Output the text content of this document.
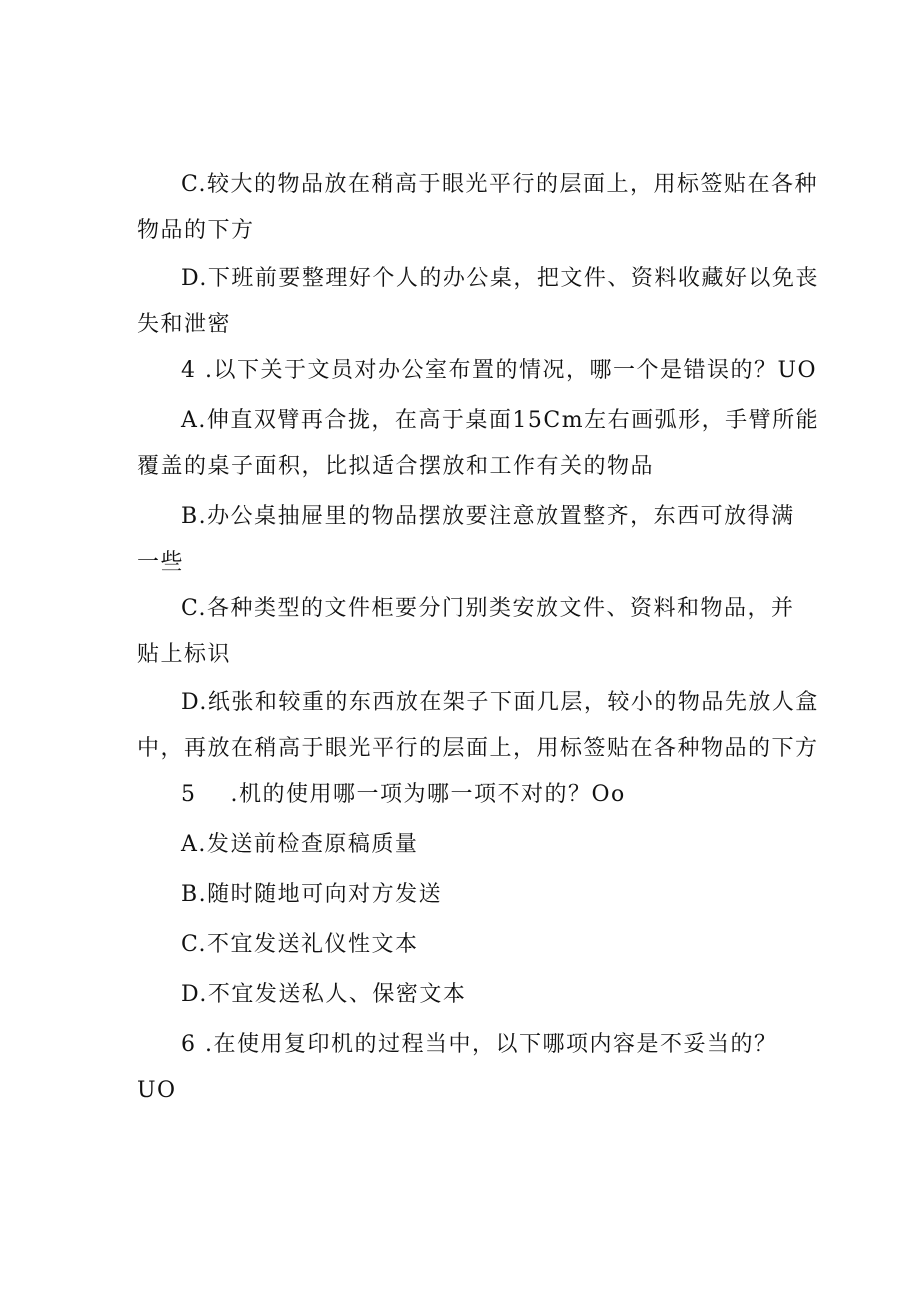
C.较大的物品放在稍高于眼光平行的层面上，用标签贴在各种
物品的下方
D.下班前要整理好个人的办公桌，把文件、资料收藏好以免丧
失和泄密
4 .以下关于文员对办公室布置的情况，哪一个是错误的？UO
A.伸直双臂再合拢，在高于桌面15Cm左右画弧形，手臂所能
覆盖的桌子面积，比拟适合摆放和工作有关的物品
B.办公桌抽屉里的物品摆放要注意放置整齐，东西可放得满
一些
C.各种类型的文件柜要分门别类安放文件、资料和物品，并
贴上标识
D.纸张和较重的东西放在架子下面几层，较小的物品先放人盒
中，再放在稍高于眼光平行的层面上，用标签贴在各种物品的下方
5    .机的使用哪一项为哪一项不对的？Oo
A.发送前检查原稿质量
B.随时随地可向对方发送
C.不宜发送礼仪性文本
D.不宜发送私人、保密文本
6 .在使用复印机的过程当中，以下哪项内容是不妥当的？
UO
